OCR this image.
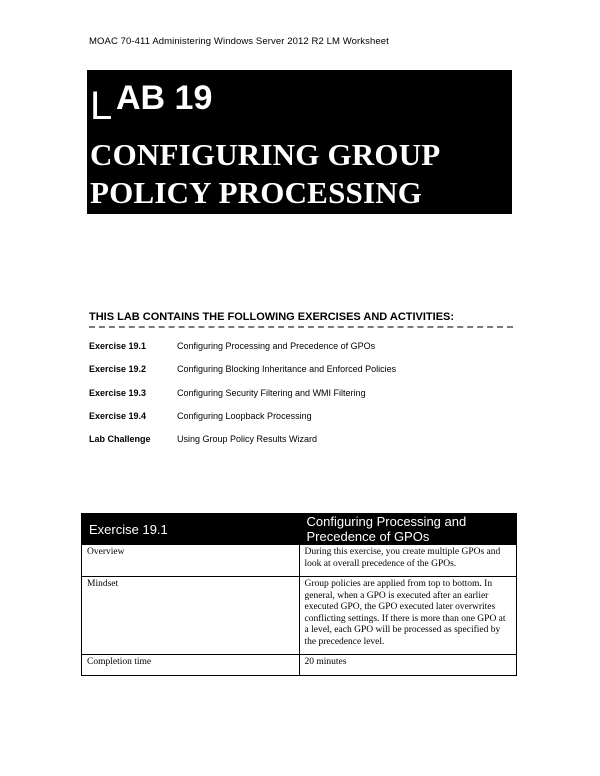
MOAC 70-411 Administering Windows Server 2012 R2 LM Worksheet
L AB 19
CONFIGURING GROUP
POLICY PROCESSING
THIS LAB CONTAINS THE FOLLOWING EXERCISES AND ACTIVITIES:
Exercise 19.1	Configuring Processing and Precedence of GPOs
Exercise 19.2	Configuring Blocking Inheritance and Enforced Policies
Exercise 19.3	Configuring Security Filtering and WMI Filtering
Exercise 19.4	Configuring Loopback Processing
Lab Challenge	Using Group Policy Results Wizard
Exercise 19.1	Configuring Processing and Precedence of GPOs
Overview	During this exercise, you create multiple GPOs and look at overall precedence of the GPOs.
Mindset	Group policies are applied from top to bottom. In general, when a GPO is executed after an earlier executed GPO, the GPO executed later overwrites conflicting settings. If there is more than one GPO at a level, each GPO will be processed as specified by the precedence level.
Completion time	20 minutes
